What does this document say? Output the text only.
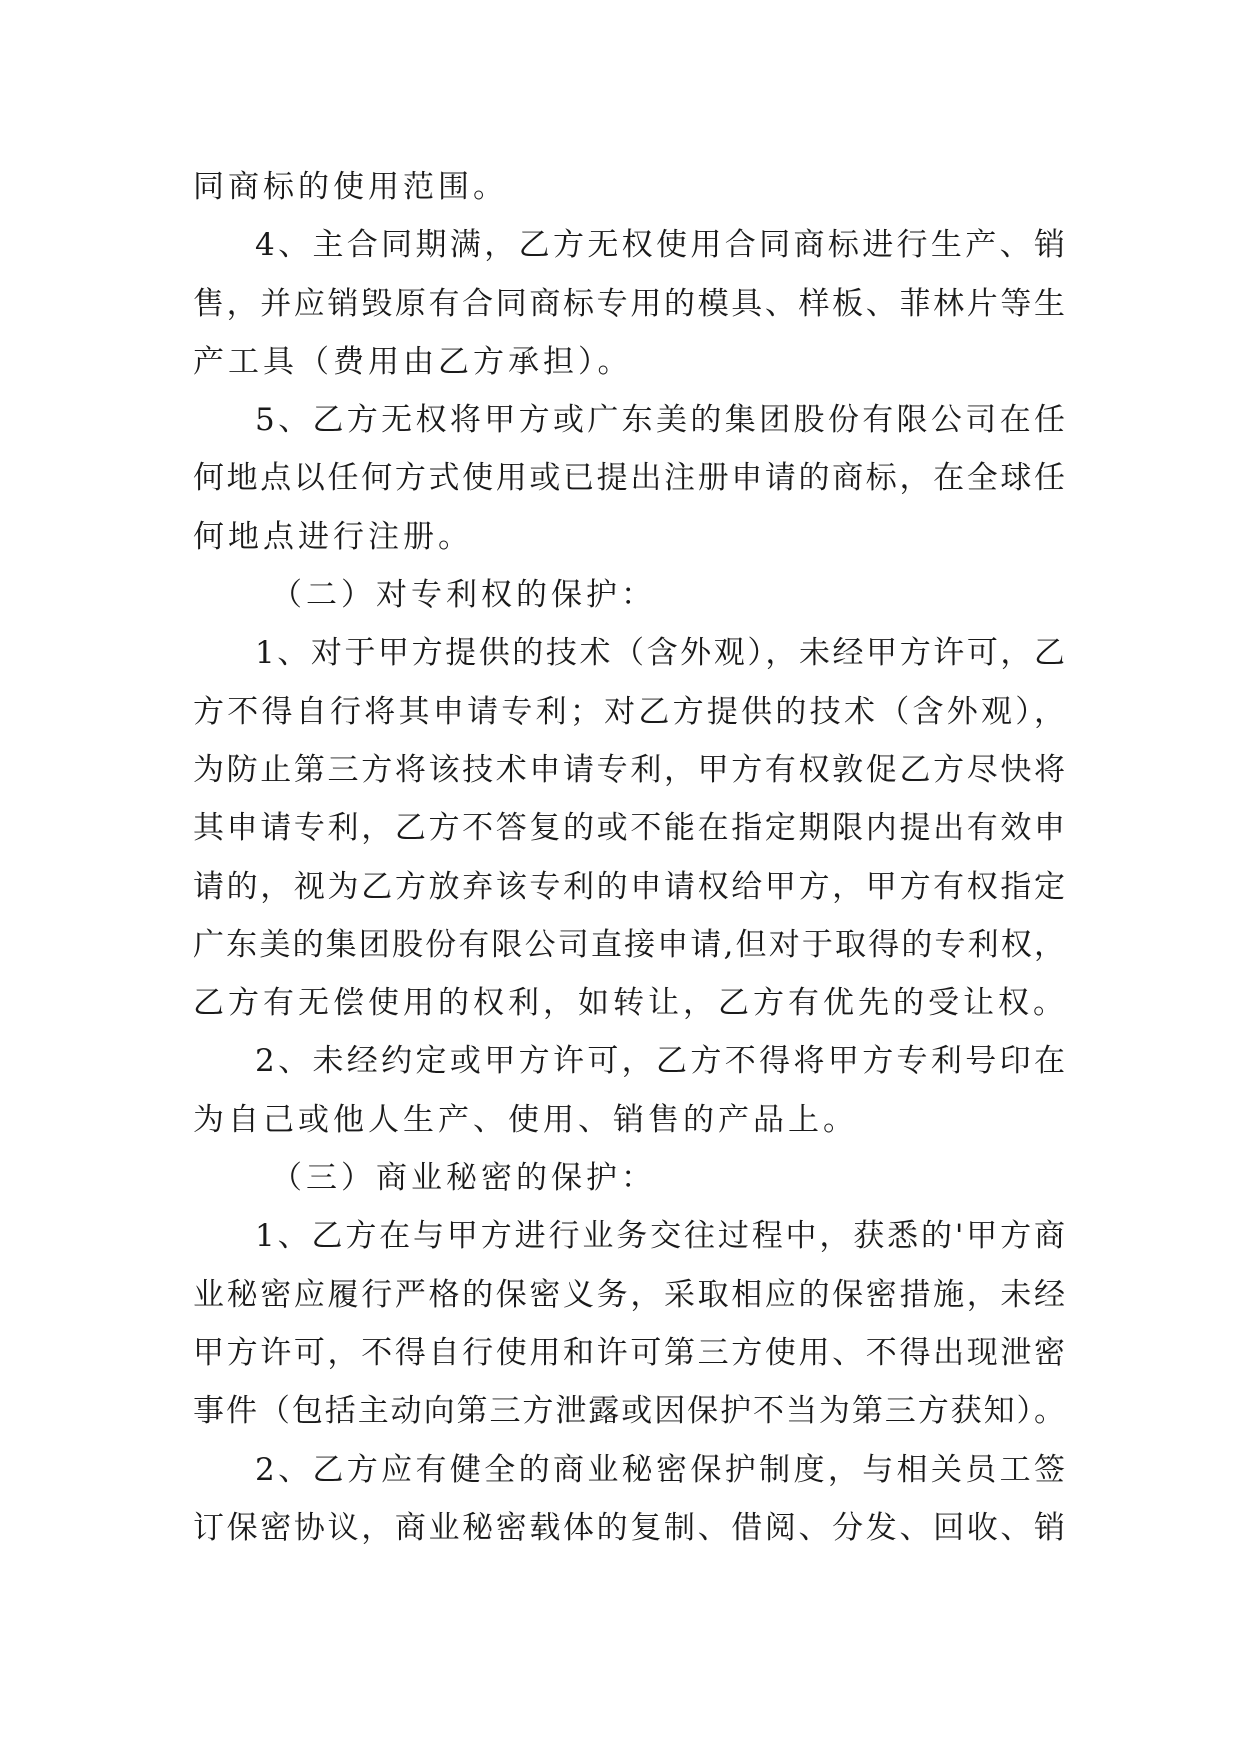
同商标的使用范围。
4、主合同期满，乙方无权使用合同商标进行生产、销
售，并应销毁原有合同商标专用的模具、样板、菲林片等生
产工具（费用由乙方承担）。
5、乙方无权将甲方或广东美的集团股份有限公司在任
何地点以任何方式使用或已提出注册申请的商标，在全球任
何地点进行注册。
（二）对专利权的保护：
1、对于甲方提供的技术（含外观），未经甲方许可，乙
方不得自行将其申请专利；对乙方提供的技术（含外观），
为防止第三方将该技术申请专利，甲方有权敦促乙方尽快将
其申请专利，乙方不答复的或不能在指定期限内提出有效申
请的，视为乙方放弃该专利的申请权给甲方，甲方有权指定
广东美的集团股份有限公司直接申请,但对于取得的专利权，
乙方有无偿使用的权利，如转让，乙方有优先的受让权。
2、未经约定或甲方许可，乙方不得将甲方专利号印在
为自己或他人生产、使用、销售的产品上。
（三）商业秘密的保护：
1、乙方在与甲方进行业务交往过程中，获悉的'甲方商
业秘密应履行严格的保密义务，采取相应的保密措施，未经
甲方许可，不得自行使用和许可第三方使用、不得出现泄密
事件（包括主动向第三方泄露或因保护不当为第三方获知）。
2、乙方应有健全的商业秘密保护制度，与相关员工签
订保密协议，商业秘密载体的复制、借阅、分发、回收、销
